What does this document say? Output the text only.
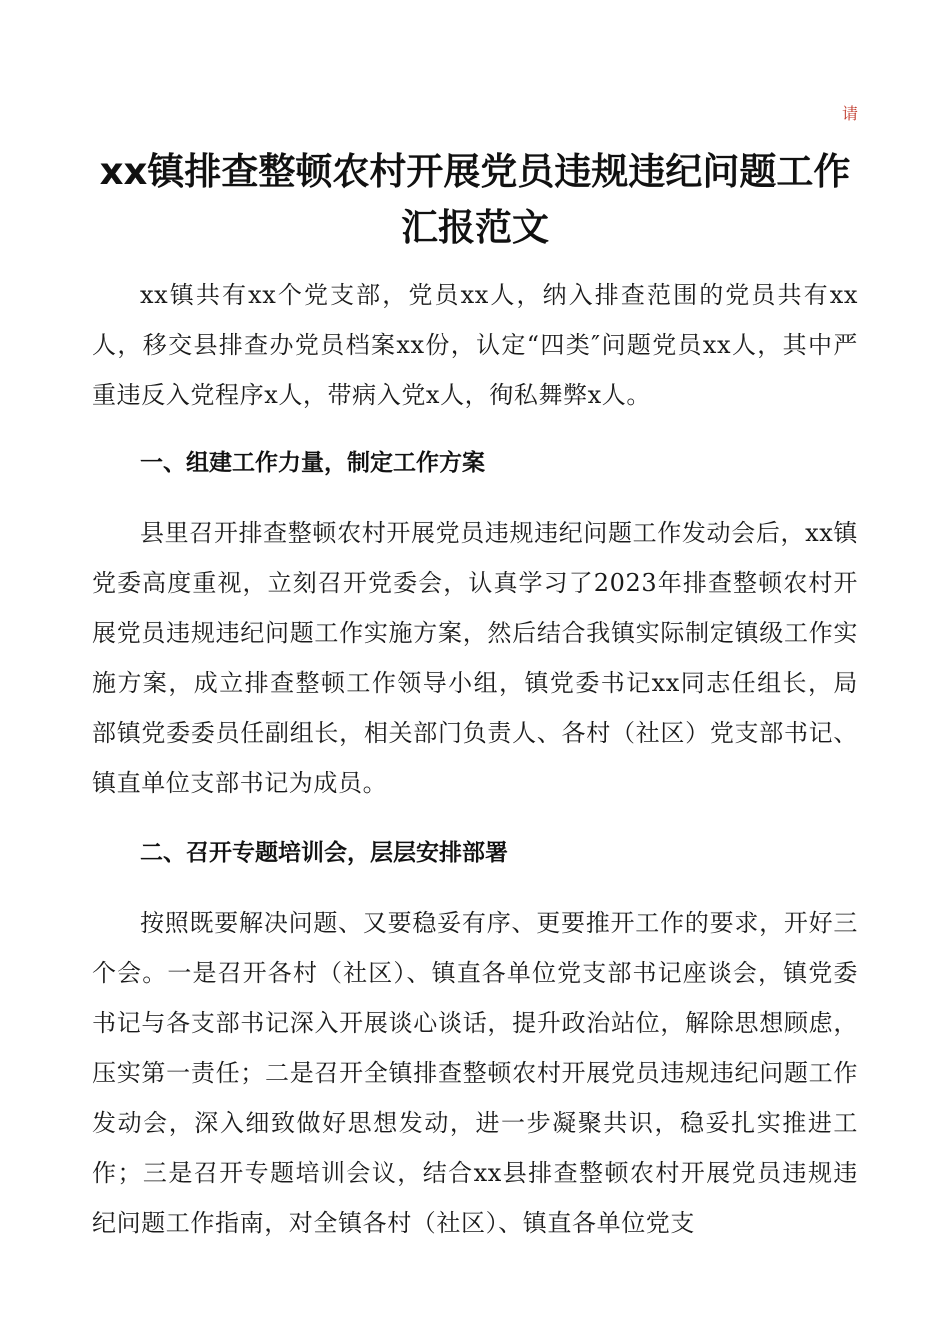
请
xx镇排查整顿农村开展党员违规违纪问题工作汇报范文

xx镇共有xx个党支部，党员xx人，纳入排查范围的党员共有xx人，移交县排查办党员档案xx份，认定“四类″问题党员xx人，其中严重违反入党程序x人，带病入党x人，徇私舞弊x人。

一、组建工作力量，制定工作方案

县里召开排查整顿农村开展党员违规违纪问题工作发动会后，xx镇党委高度重视，立刻召开党委会，认真学习了2023年排查整顿农村开展党员违规违纪问题工作实施方案，然后结合我镇实际制定镇级工作实施方案，成立排查整顿工作领导小组，镇党委书记xx同志任组长，局部镇党委委员任副组长，相关部门负责人、各村（社区）党支部书记、镇直单位支部书记为成员。

二、召开专题培训会，层层安排部署

按照既要解决问题、又要稳妥有序、更要推开工作的要求，开好三个会。一是召开各村（社区）、镇直各单位党支部书记座谈会，镇党委书记与各支部书记深入开展谈心谈话，提升政治站位，解除思想顾虑，压实第一责任；二是召开全镇排查整顿农村开展党员违规违纪问题工作发动会，深入细致做好思想发动，进一步凝聚共识，稳妥扎实推进工作；三是召开专题培训会议，结合xx县排查整顿农村开展党员违规违纪问题工作指南，对全镇各村（社区）、镇直各单位党支
